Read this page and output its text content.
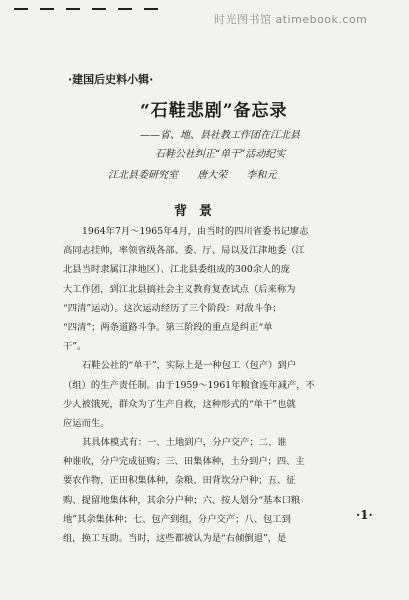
时光图书馆 atimebook.com
·建国后史料小辑·
“石鞋悲剧”备忘录
——省、地、县社教工作团在江北县
石鞋公社纠正“单干”活动纪实
江北县委研究室 唐大荣 李和元
背景
1964年7月～1965年4月，由当时的四川省委书记廖志
高同志挂帅，率领省级各部、委、厅、局以及江津地委（江
北县当时隶属江津地区）、江北县委组成的300余人的庞
大工作团，到江北县搞社会主义教育复查试点（后来称为
“四清”运动）。这次运动经历了三个阶段：对敌斗争；
“四清”；两条道路斗争。第三阶段的重点是纠正“单
干”。
石鞋公社的“单干”，实际上是一种包工（包产）到户
（组）的生产责任制。由于1959～1961年粮食连年减产，不
少人被饿死，群众为了生产自救，这种形式的“单干”也就
应运而生。
其具体模式有：一、土地到户，分户交产；二、谁
种谁收，分户完成征购；三、田集体种，土分到户；四、主
要农作物，正田积集体种，杂粮、田背坎分户种；五、征
购、提留地集体种，其余分户种；六、按人划分“基本口粮
地”其余集体种；七、包产到组，分户交产；八、包工到
组，换工互助。当时，这些都被认为是“右倾倒退”，是
·1·
